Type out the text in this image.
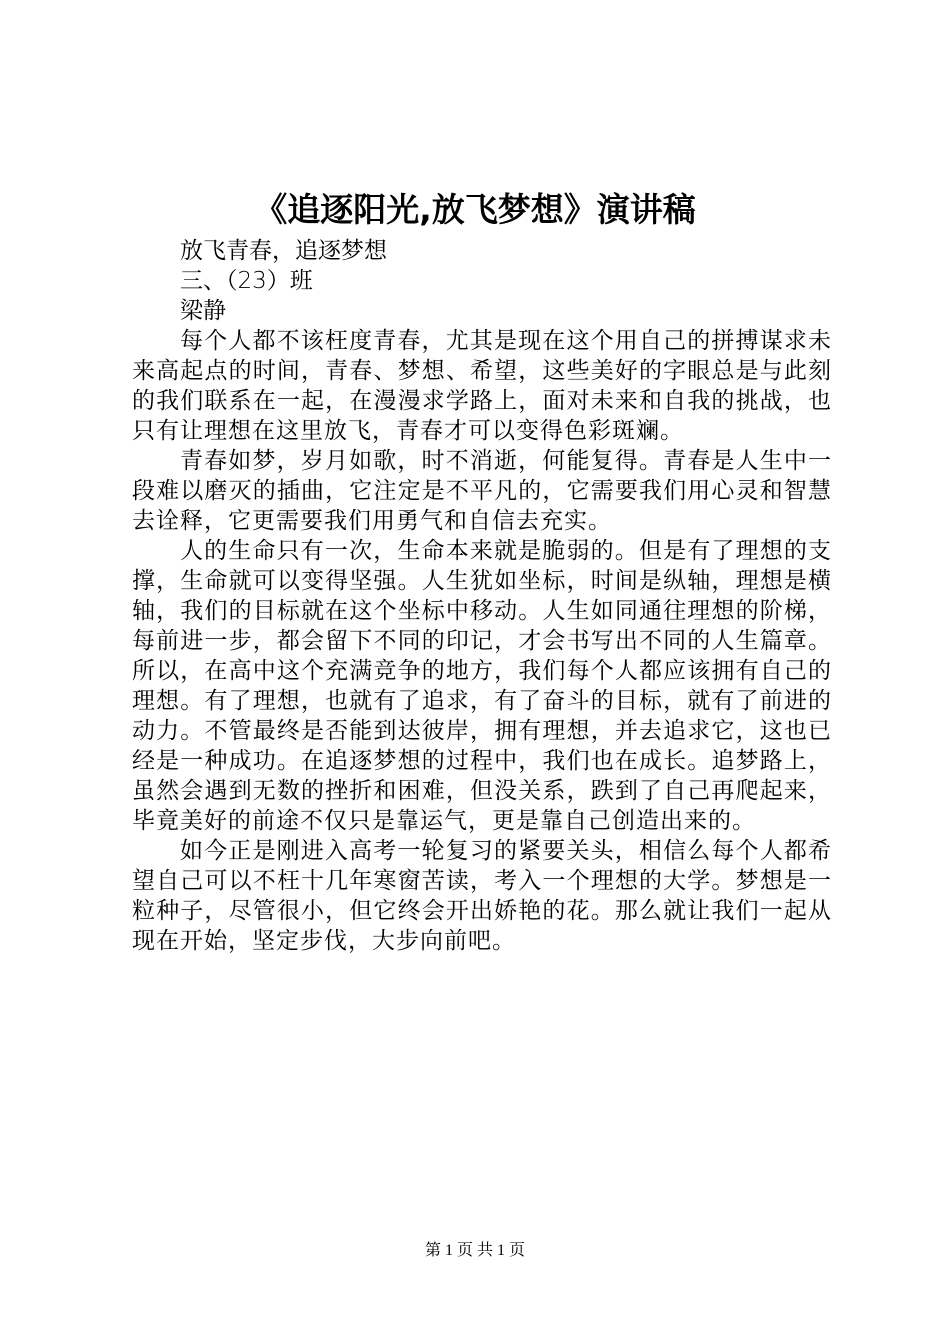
《追逐阳光,放飞梦想》演讲稿

放飞青春，追逐梦想

三、（23）班

梁静

每个人都不该枉度青春，尤其是现在这个用自己的拼搏谋求未来高起点的时间，青春、梦想、希望，这些美好的字眼总是与此刻的我们联系在一起，在漫漫求学路上，面对未来和自我的挑战，也只有让理想在这里放飞，青春才可以变得色彩斑斓。

青春如梦，岁月如歌，时不消逝，何能复得。青春是人生中一段难以磨灭的插曲，它注定是不平凡的，它需要我们用心灵和智慧去诠释，它更需要我们用勇气和自信去充实。

人的生命只有一次，生命本来就是脆弱的。但是有了理想的支撑，生命就可以变得坚强。人生犹如坐标，时间是纵轴，理想是横轴，我们的目标就在这个坐标中移动。人生如同通往理想的阶梯，每前进一步，都会留下不同的印记，才会书写出不同的人生篇章。所以，在高中这个充满竞争的地方，我们每个人都应该拥有自己的理想。有了理想，也就有了追求，有了奋斗的目标，就有了前进的动力。不管最终是否能到达彼岸，拥有理想，并去追求它，这也已经是一种成功。在追逐梦想的过程中，我们也在成长。追梦路上，虽然会遇到无数的挫折和困难，但没关系，跌到了自己再爬起来，毕竟美好的前途不仅只是靠运气，更是靠自己创造出来的。

如今正是刚进入高考一轮复习的紧要关头，相信么每个人都希望自己可以不枉十几年寒窗苦读，考入一个理想的大学。梦想是一粒种子，尽管很小，但它终会开出娇艳的花。那么就让我们一起从现在开始，坚定步伐，大步向前吧。

第 1 页 共 1 页
